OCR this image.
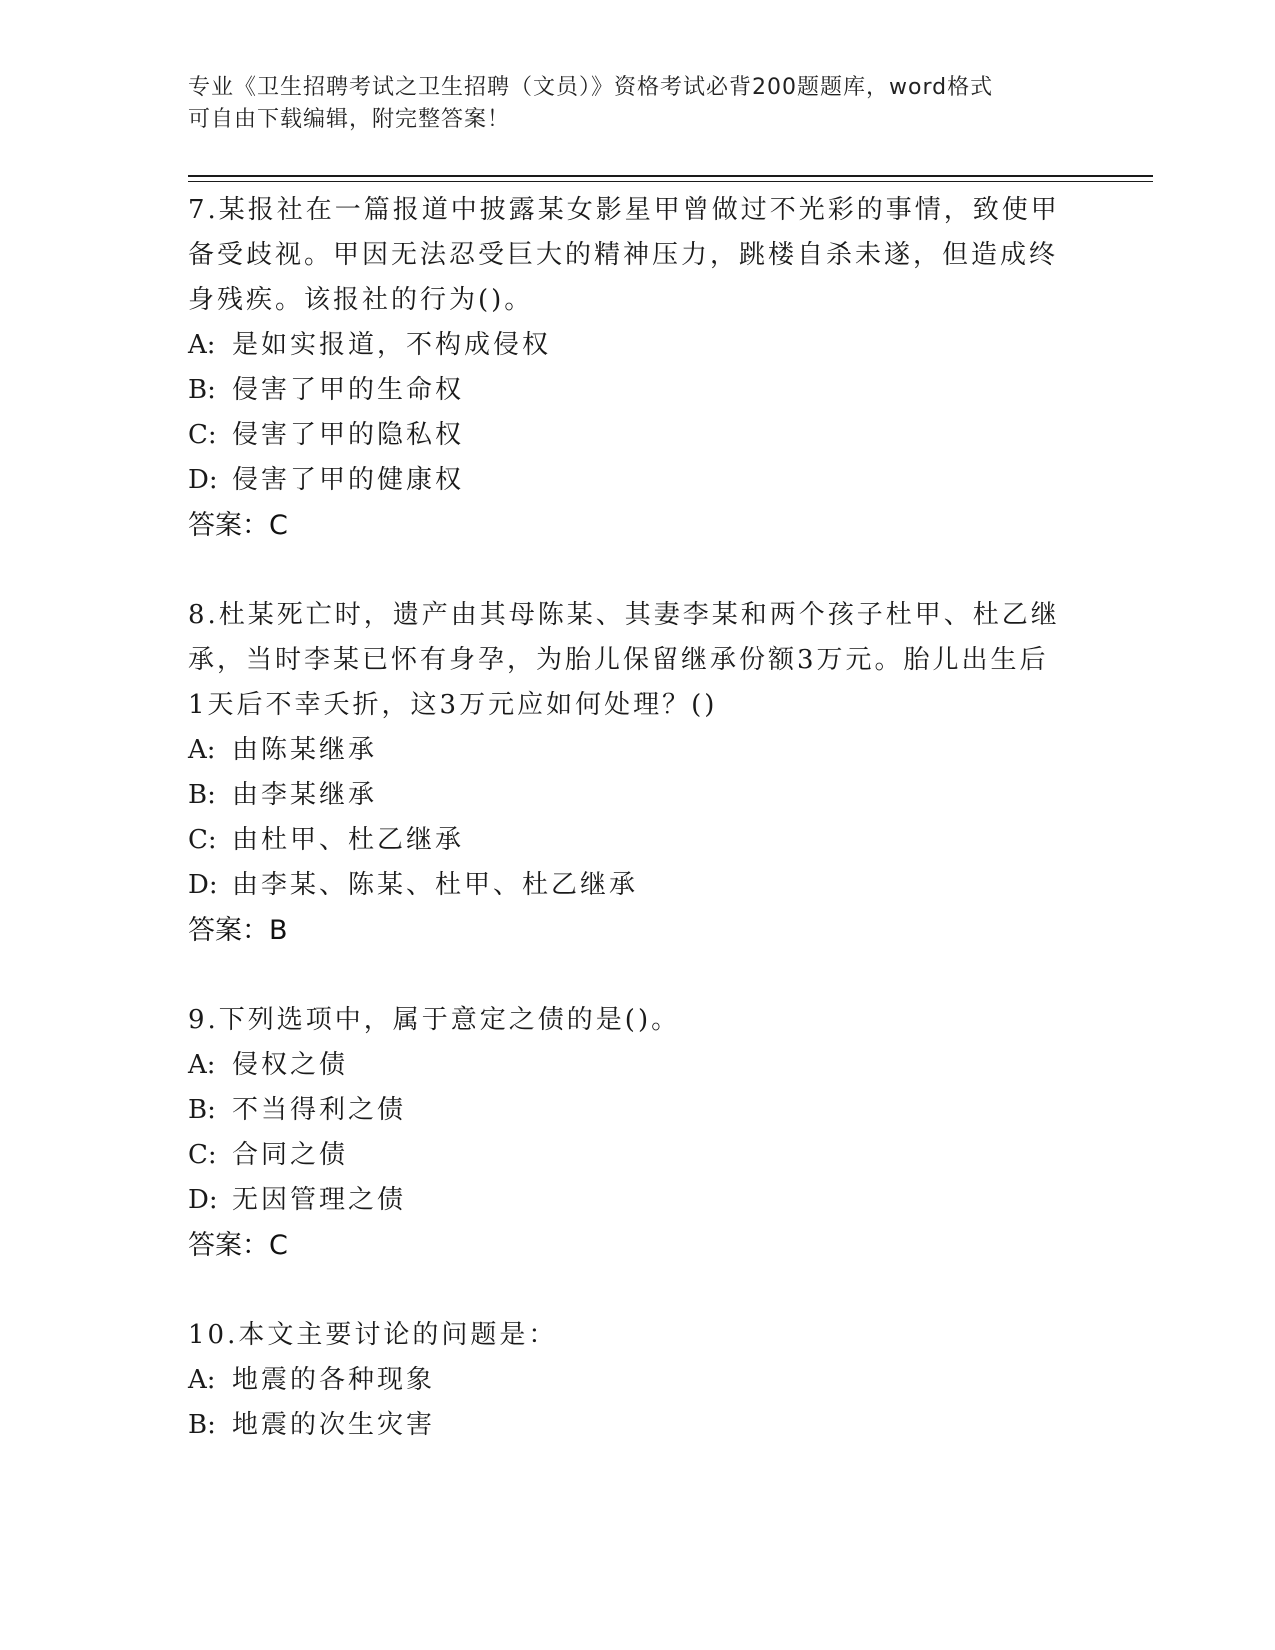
专业《卫生招聘考试之卫生招聘（文员）》资格考试必背200题题库，word格式
可自由下载编辑，附完整答案！
7.某报社在一篇报道中披露某女影星甲曾做过不光彩的事情，致使甲备受歧视。甲因无法忍受巨大的精神压力，跳楼自杀未遂，但造成终身残疾。该报社的行为()。
A: 是如实报道，不构成侵权
B: 侵害了甲的生命权
C: 侵害了甲的隐私权
D: 侵害了甲的健康权
答案：C
8.杜某死亡时，遗产由其母陈某、其妻李某和两个孩子杜甲、杜乙继承，当时李某已怀有身孕，为胎儿保留继承份额3万元。胎儿出生后1天后不幸夭折，这3万元应如何处理？()
A: 由陈某继承
B: 由李某继承
C: 由杜甲、杜乙继承
D: 由李某、陈某、杜甲、杜乙继承
答案：B
9.下列选项中，属于意定之债的是()。
A: 侵权之债
B: 不当得利之债
C: 合同之债
D: 无因管理之债
答案：C
10.本文主要讨论的问题是：
A: 地震的各种现象
B: 地震的次生灾害
